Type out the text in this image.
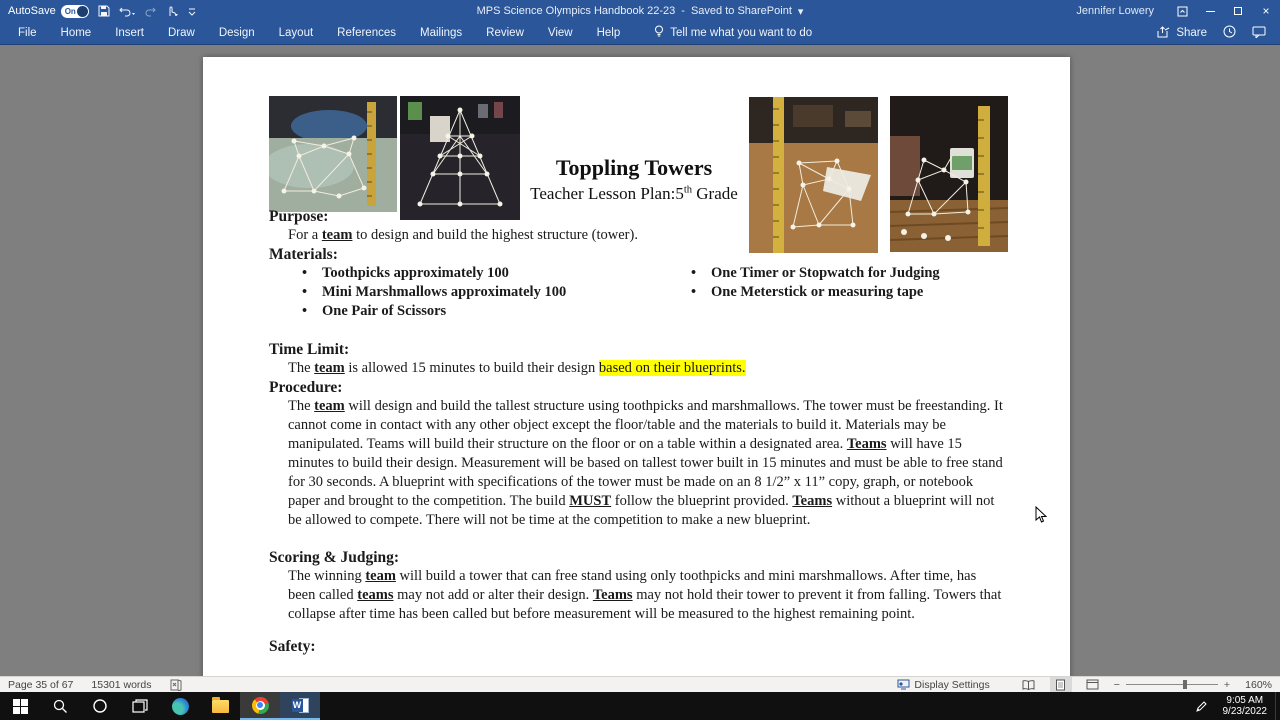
AutoSave On	MPS Science Olympics Handbook 22-23 - Saved to SharePoint ▾	Jennifer Lowery	×
File	Home	Insert	Draw	Design	Layout	References	Mailings	Review	View	Help	Tell me what you want to do	Share
Toppling Towers
Teacher Lesson Plan:5th Grade
Purpose:
For a team to design and build the highest structure (tower).
Materials:
• Toothpicks approximately 100
• Mini Marshmallows approximately 100
• One Pair of Scissors
• One Timer or Stopwatch for Judging
• One Meterstick or measuring tape
Time Limit:
The team is allowed 15 minutes to build their design based on their blueprints.
Procedure:
The team will design and build the tallest structure using toothpicks and marshmallows. The tower must be freestanding. It cannot come in contact with any other object except the floor/table and the materials to build it. Materials may be manipulated. Teams will build their structure on the floor or on a table within a designated area. Teams will have 15 minutes to build their design. Measurement will be based on tallest tower built in 15 minutes and must be able to free stand for 30 seconds. A blueprint with specifications of the tower must be made on an 8 1/2” x 11” copy, graph, or notebook paper and brought to the competition. The build MUST follow the blueprint provided. Teams without a blueprint will not be allowed to compete. There will not be time at the competition to make a new blueprint.
Scoring & Judging:
The winning team will build a tower that can free stand using only toothpicks and mini marshmallows. After time, has been called teams may not add or alter their design. Teams may not hold their tower to prevent it from falling. Towers that collapse after time has been called but before measurement will be measured to the highest remaining point.
Safety:
Page 35 of 67 15301 words	Display Settings	−	+	160%
W	9:05 AM
9/23/2022
